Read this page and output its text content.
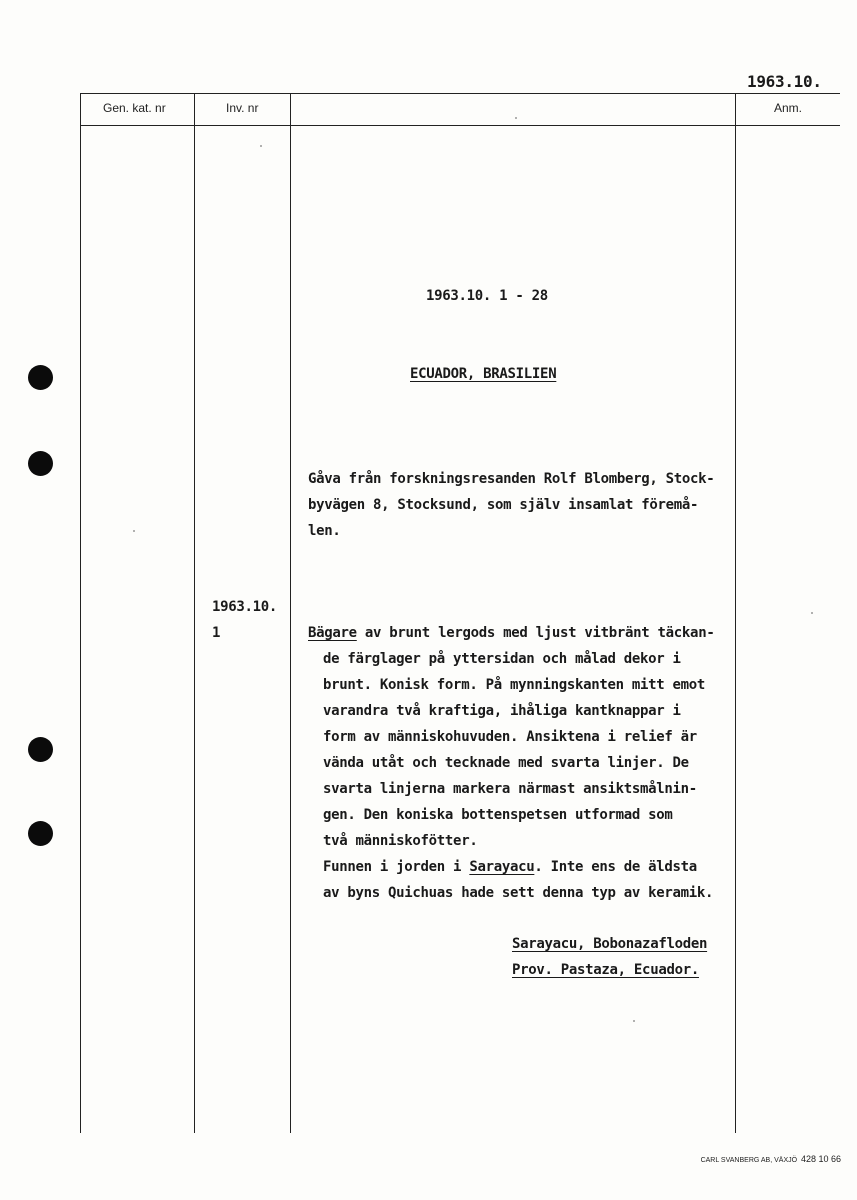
1963.10.
Gen. kat. nr	Inv. nr	Anm.
1963.10. 1 - 28
ECUADOR, BRASILIEN
Gåva från forskningsresanden Rolf Blomberg, Stock-
byvägen 8, Stocksund, som själv insamlat föremå-
len.
1963.10.
1	Bägare av brunt lergods med ljust vitbränt täckan-
de färglager på yttersidan och målad dekor i
brunt. Konisk form. På mynningskanten mitt emot
varandra två kraftiga, ihåliga kantknappar i
form av människohuvuden. Ansiktena i relief är
vända utåt och tecknade med svarta linjer. De
svarta linjerna markera närmast ansiktsmålnin-
gen. Den koniska bottenspetsen utformad som
två människofötter.
Funnen i jorden i Sarayacu. Inte ens de äldsta
av byns Quichuas hade sett denna typ av keramik.
Sarayacu, Bobonazafloden
Prov. Pastaza, Ecuador.
CARL SVANBERG AB, VÄXJÖ 428 10 66
